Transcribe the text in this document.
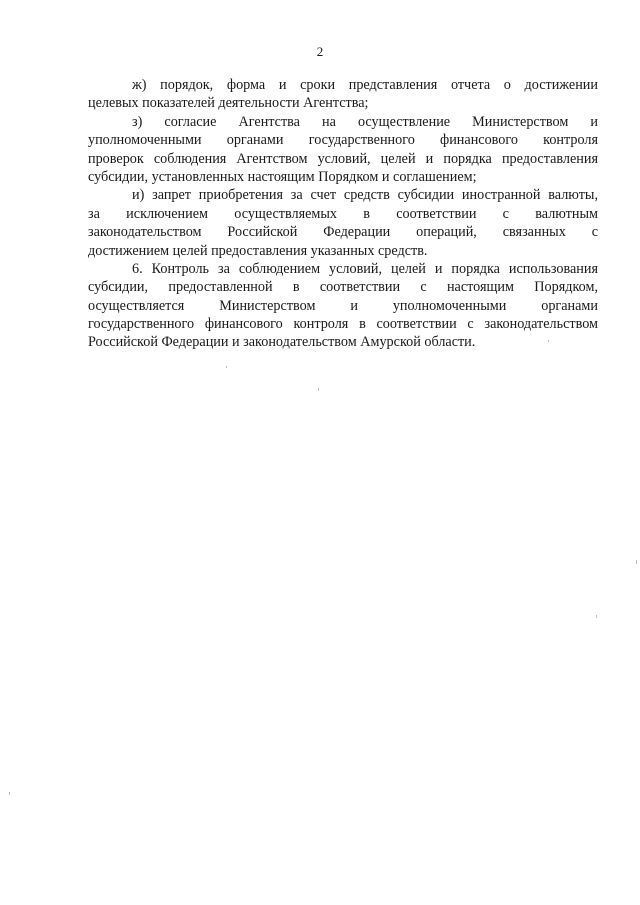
2
ж) порядок, форма и сроки представления отчета о достижении
целевых показателей деятельности Агентства;
з) согласие Агентства на осуществление Министерством и
уполномоченными органами государственного финансового контроля
проверок соблюдения Агентством условий, целей и порядка предоставления
субсидии, установленных настоящим Порядком и соглашением;
и) запрет приобретения за счет средств субсидии иностранной валюты,
за исключением осуществляемых в соответствии с валютным
законодательством Российской Федерации операций, связанных с
достижением целей предоставления указанных средств.
6. Контроль за соблюдением условий, целей и порядка использования
субсидии, предоставленной в соответствии с настоящим Порядком,
осуществляется Министерством и уполномоченными органами
государственного финансового контроля в соответствии с законодательством
Российской Федерации и законодательством Амурской области.
